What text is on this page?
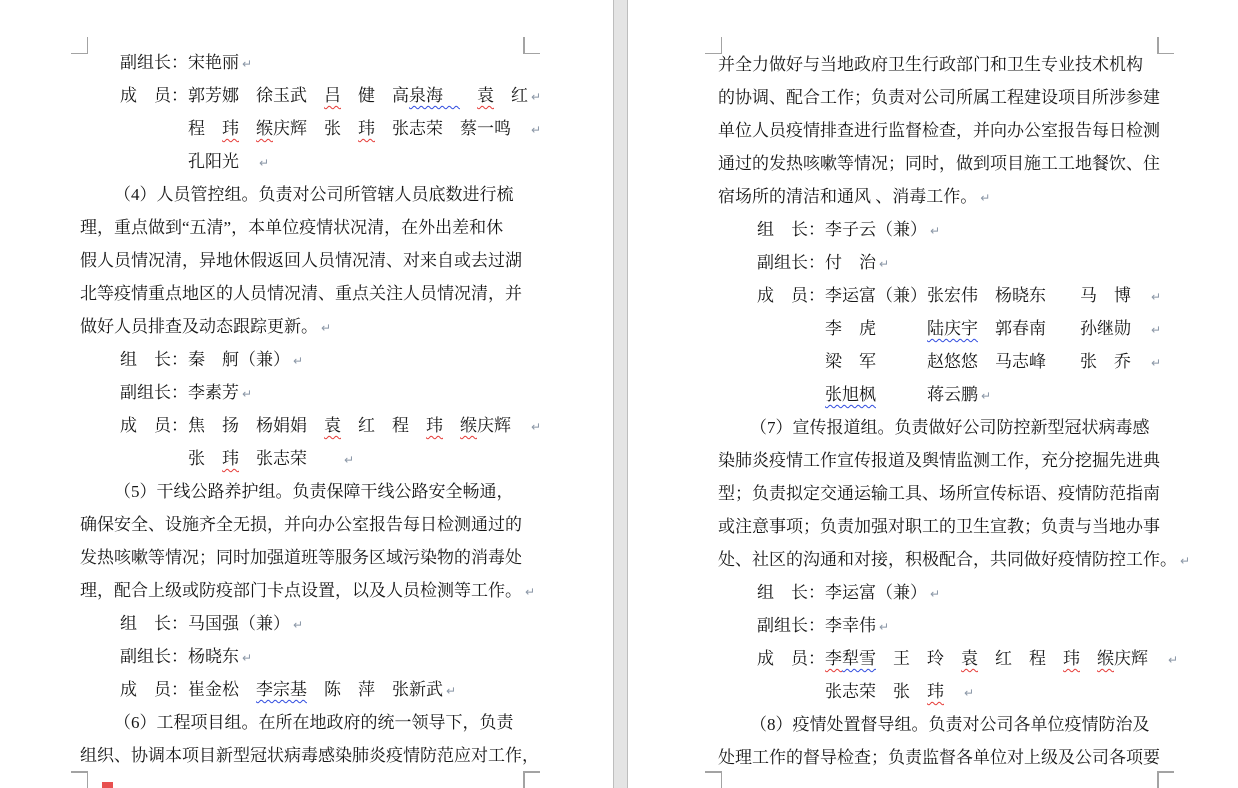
副组长：宋艳丽 ↵
成　员：郭芳娜　徐玉武　吕　健　高泉海　　袁　红 ↵
程　玮　 缑庆辉　张　玮　张志荣　蔡一鸣　↵
孔阳光　↵
（4）人员管控组。负责对公司所管辖人员底数进行梳
理，重点做到“五清”，本单位疫情状况清，在外出差和休
假人员情况清，异地休假返回人员情况清、对来自或去过湖
北等疫情重点地区的人员情况清、重点关注人员情况清，并
做好人员排查及动态跟踪更新。 ↵
组　长：秦　舸（兼） ↵
副组长：李素芳 ↵
成　员：焦　扬　杨娟娟　袁　红　程　玮　 缑庆辉　↵
张　玮　张志荣　　↵
（5）干线公路养护组。负责保障干线公路安全畅通，
确保安全、设施齐全无损，并向办公室报告每日检测通过的
发热咳嗽等情况；同时加强道班等服务区域污染物的消毒处
理，配合上级或防疫部门卡点设置，以及人员检测等工作。 ↵
组　长：马国强（兼） ↵
副组长：杨晓东 ↵
成　员：崔金松　李宗基　陈　萍　张新武 ↵
（6）工程项目组。在所在地政府的统一领导下，负责
组织、协调本项目新型冠状病毒感染肺炎疫情防范应对工作，
并全力做好与当地政府卫生行政部门和卫生专业技术机构
的协调、配合工作；负责对公司所属工程建设项目所涉参建
单位人员疫情排查进行监督检查，并向办公室报告每日检测
通过的发热咳嗽等情况；同时，做到项目施工工地餐饮、住
宿场所的清洁和通风 、消毒工作。 ↵
组　长：李子云（兼） ↵
副组长：付　治 ↵
成　员：李运富（兼）张宏伟　杨晓东　　马　博　↵
李　虎　　　陆庆宇　郭春南　　孙继勋　↵
梁　军　　　赵悠悠　马志峰　　张　乔　↵
张旭枫　　　蒋云鹏 ↵
（7）宣传报道组。负责做好公司防控新型冠状病毒感
染肺炎疫情工作宣传报道及舆情监测工作，充分挖掘先进典
型；负责拟定交通运输工具、场所宣传标语、疫情防范指南
或注意事项；负责加强对职工的卫生宣教；负责与当地办事
处、社区的沟通和对接，积极配合，共同做好疫情防控工作。 ↵
组　长：李运富（兼） ↵
副组长：李幸伟 ↵
成　员：李犁雪　王　玲　袁　红　程　玮　 缑庆辉　↵
张志荣　张　玮　 ↵
（8）疫情处置督导组。负责对公司各单位疫情防治及
处理工作的督导检查；负责监督各单位对上级及公司各项要
